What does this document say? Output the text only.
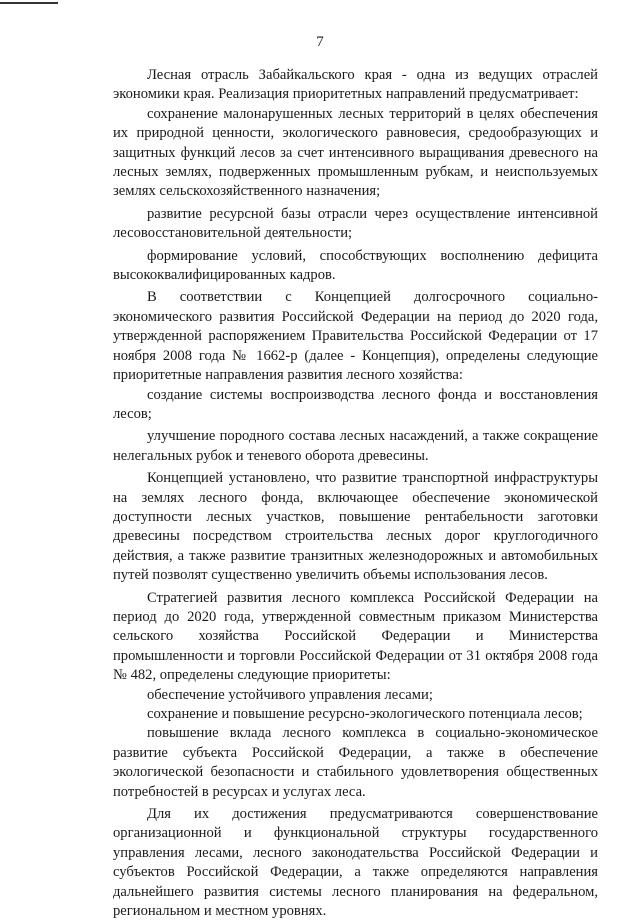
7

Лесная отрасль Забайкальского края - одна из ведущих отраслей экономики края. Реализация приоритетных направлений предусматривает:

сохранение малонарушенных лесных территорий в целях обеспечения их природной ценности, экологического равновесия, средообразующих и защитных функций лесов за счет интенсивного выращивания древесного на лесных землях, подверженных промышленным рубкам, и неиспользуемых землях сельскохозяйственного назначения;

развитие ресурсной базы отрасли через осуществление интенсивной лесовосстановительной деятельности;

формирование условий, способствующих восполнению дефицита высококвалифицированных кадров.

В соответствии с Концепцией долгосрочного социально-экономического развития Российской Федерации на период до 2020 года, утвержденной распоряжением Правительства Российской Федерации от 17 ноября 2008 года № 1662-р (далее - Концепция), определены следующие приоритетные направления развития лесного хозяйства:

создание системы воспроизводства лесного фонда и восстановления лесов;

улучшение породного состава лесных насаждений, а также сокращение нелегальных рубок и теневого оборота древесины.

Концепцией установлено, что развитие транспортной инфраструктуры на землях лесного фонда, включающее обеспечение экономической доступности лесных участков, повышение рентабельности заготовки древесины посредством строительства лесных дорог круглогодичного действия, а также развитие транзитных железнодорожных и автомобильных путей позволят существенно увеличить объемы использования лесов.

Стратегией развития лесного комплекса Российской Федерации на период до 2020 года, утвержденной совместным приказом Министерства сельского хозяйства Российской Федерации и Министерства промышленности и торговли Российской Федерации от 31 октября 2008 года № 482, определены следующие приоритеты:

обеспечение устойчивого управления лесами;

сохранение и повышение ресурсно-экологического потенциала лесов;

повышение вклада лесного комплекса в социально-экономическое развитие субъекта Российской Федерации, а также в обеспечение экологической безопасности и стабильного удовлетворения общественных потребностей в ресурсах и услугах леса.

Для их достижения предусматриваются совершенствование организационной и функциональной структуры государственного управления лесами, лесного законодательства Российской Федерации и субъектов Российской Федерации, а также определяются направления дальнейшего развития системы лесного планирования на федеральном, региональном и местном уровнях.
